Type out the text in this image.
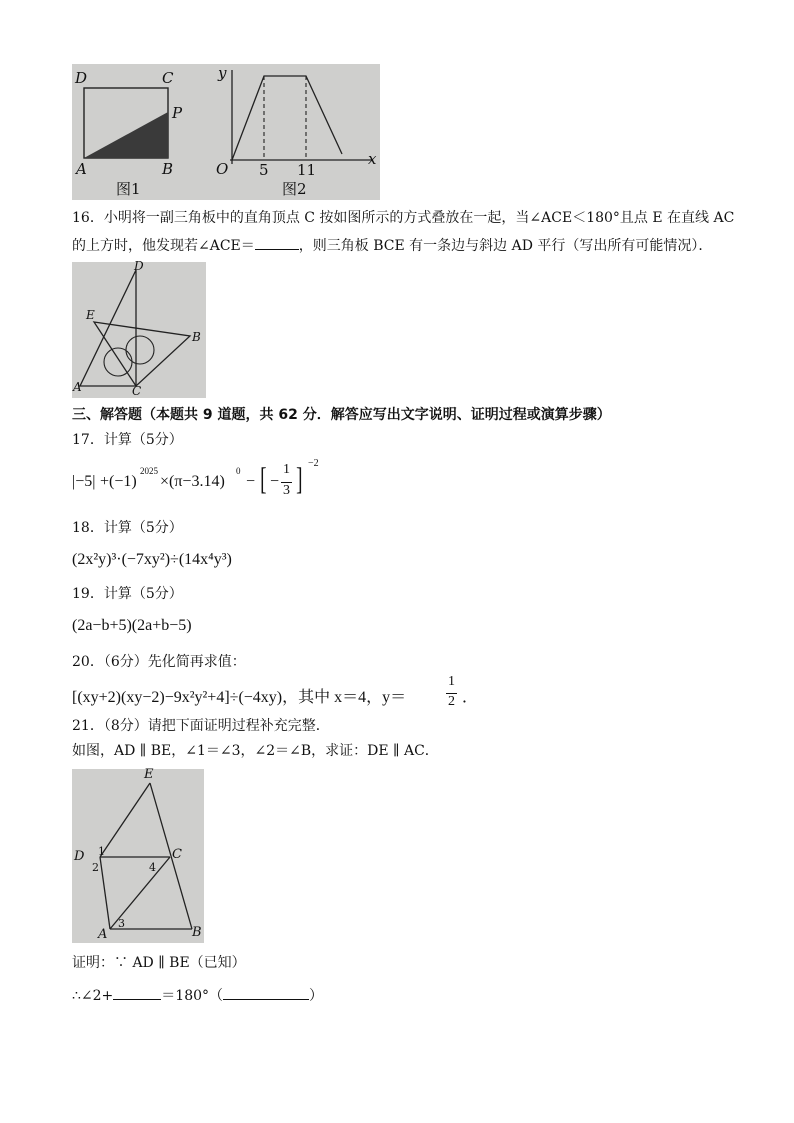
D	C
P
A	B
图1
y
O 5 11
x
图2
16．小明将一副三角板中的直角顶点 C 按如图所示的方式叠放在一起，当∠ACE＜180°且点 E 在直线 AC
的上方时，他发现若∠ACE＝	，则三角板 BCE 有一条边与斜边 AD 平行（写出所有可能情况）．
D
E
B
A	C
三、解答题（本题共 9 道题，共 62 分．解答应写出文字说明、证明过程或演算步骤）
17．计算（5分）
|−5| +(−1)
2025
×(π−3.14)
0
− [ −
1
3 ] −2
18．计算（5分）
(2x²y)³·(−7xy²)÷(14x⁴y³)
19．计算（5分）
(2a−b+5)(2a+b−5)
20．（6分）先化简再求值：
[(xy+2)(xy−2)−9x²y²+4]÷(−4xy)，其中 x＝4，y＝
1
2 ．
21．（8分）请把下面证明过程补充完整．
如图，AD ∥ BE，∠1＝∠3，∠2＝∠B，求证：DE ∥ AC．
E
D	C
A	B
1
2
3
4
证明：∵ AD ∥ BE（已知）
∴∠2+	＝180°（	）
